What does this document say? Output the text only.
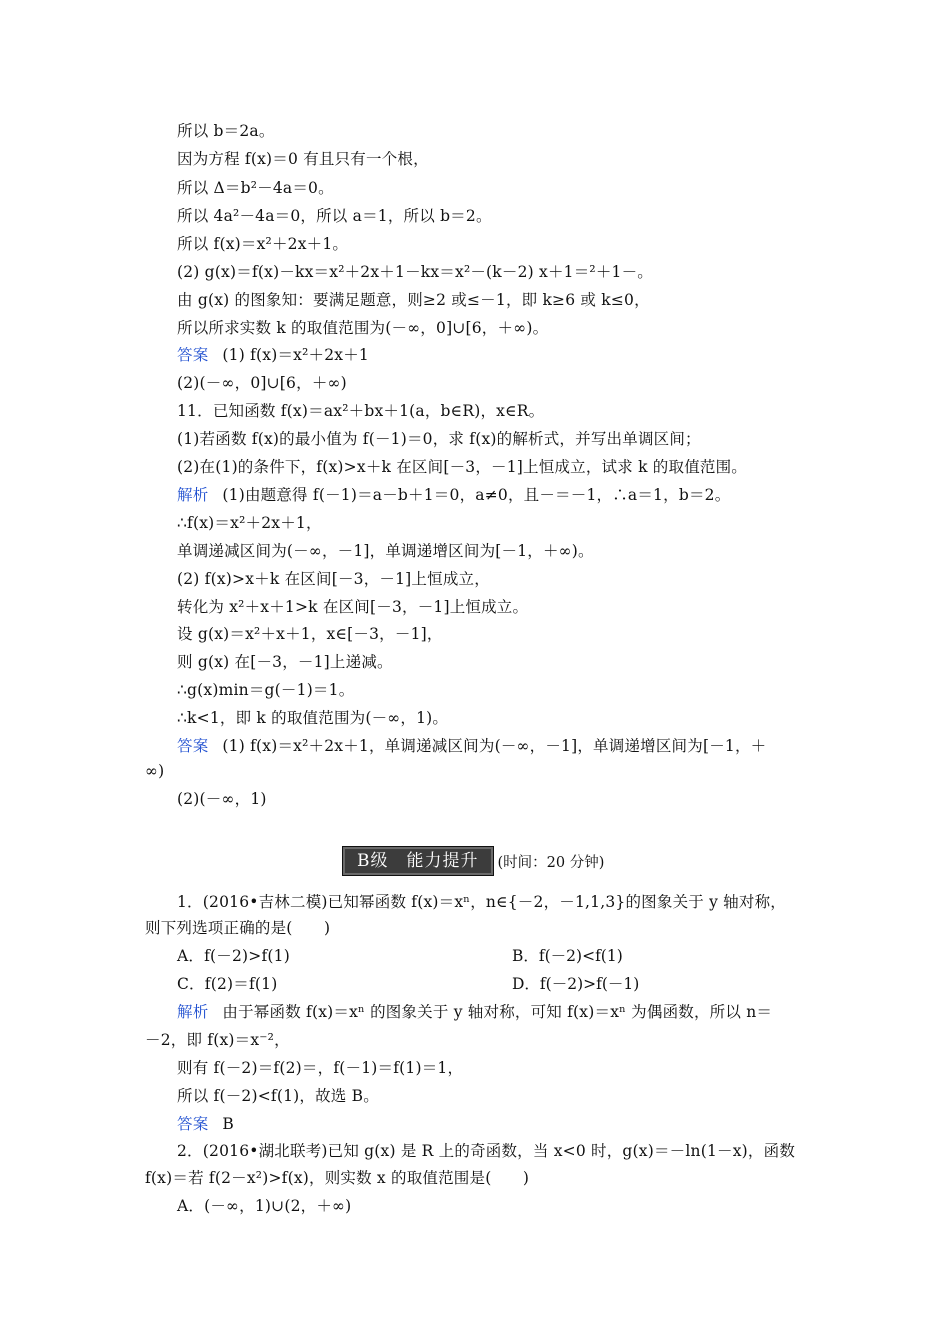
所以 b＝2a。
因为方程 f(x)＝0 有且只有一个根，
所以 Δ＝b²－4a＝0。
所以 4a²－4a＝0，所以 a＝1，所以 b＝2。
所以 f(x)＝x²＋2x＋1。
(2) g(x)＝f(x)－kx＝x²＋2x＋1－kx＝x²－(k－2) x＋1＝²＋1－。
由 g(x) 的图象知：要满足题意，则≥2 或≤－1，即 k≥6 或 k≤0，
所以所求实数 k 的取值范围为(－∞，0]∪[6，＋∞)。
答案 (1) f(x)＝x²＋2x＋1
(2)(－∞，0]∪[6，＋∞)
11．已知函数 f(x)＝ax²＋bx＋1(a，b∈R)，x∈R。
(1)若函数 f(x)的最小值为 f(－1)＝0，求 f(x)的解析式，并写出单调区间；
(2)在(1)的条件下，f(x)>x＋k 在区间[－3，－1]上恒成立，试求 k 的取值范围。
解析 (1)由题意得 f(－1)＝a－b＋1＝0，a≠0，且－＝－1，∴a＝1，b＝2。
∴f(x)＝x²＋2x＋1，
单调递减区间为(－∞，－1]，单调递增区间为[－1，＋∞)。
(2) f(x)>x＋k 在区间[－3，－1]上恒成立，
转化为 x²＋x＋1>k 在区间[－3，－1]上恒成立。
设 g(x)＝x²＋x＋1，x∈[－3，－1]，
则 g(x) 在[－3，－1]上递减。
∴g(x)min＝g(－1)＝1。
∴k<1，即 k 的取值范围为(－∞，1)。
答案 (1) f(x)＝x²＋2x＋1，单调递减区间为(－∞，－1]，单调递增区间为[－1，＋
∞)
(2)(－∞，1)
B级　能力提升 (时间：20 分钟)
1．(2016•吉林二模)已知幂函数 f(x)＝xⁿ，n∈{－2，－1,1,3}的图象关于 y 轴对称，
则下列选项正确的是(　　)
A．f(－2)>f(1)	B．f(－2)<f(1)
C．f(2)＝f(1)	D．f(－2)>f(－1)
解析 由于幂函数 f(x)＝xⁿ 的图象关于 y 轴对称，可知 f(x)＝xⁿ 为偶函数，所以 n＝
－2，即 f(x)＝x⁻²，
则有 f(－2)＝f(2)＝，f(－1)＝f(1)＝1，
所以 f(－2)<f(1)，故选 B。
答案 B
2．(2016•湖北联考)已知 g(x) 是 R 上的奇函数，当 x<0 时，g(x)＝－ln(1－x)，函数
f(x)＝若 f(2－x²)>f(x)，则实数 x 的取值范围是(　　)
A．(－∞，1)∪(2，＋∞)
